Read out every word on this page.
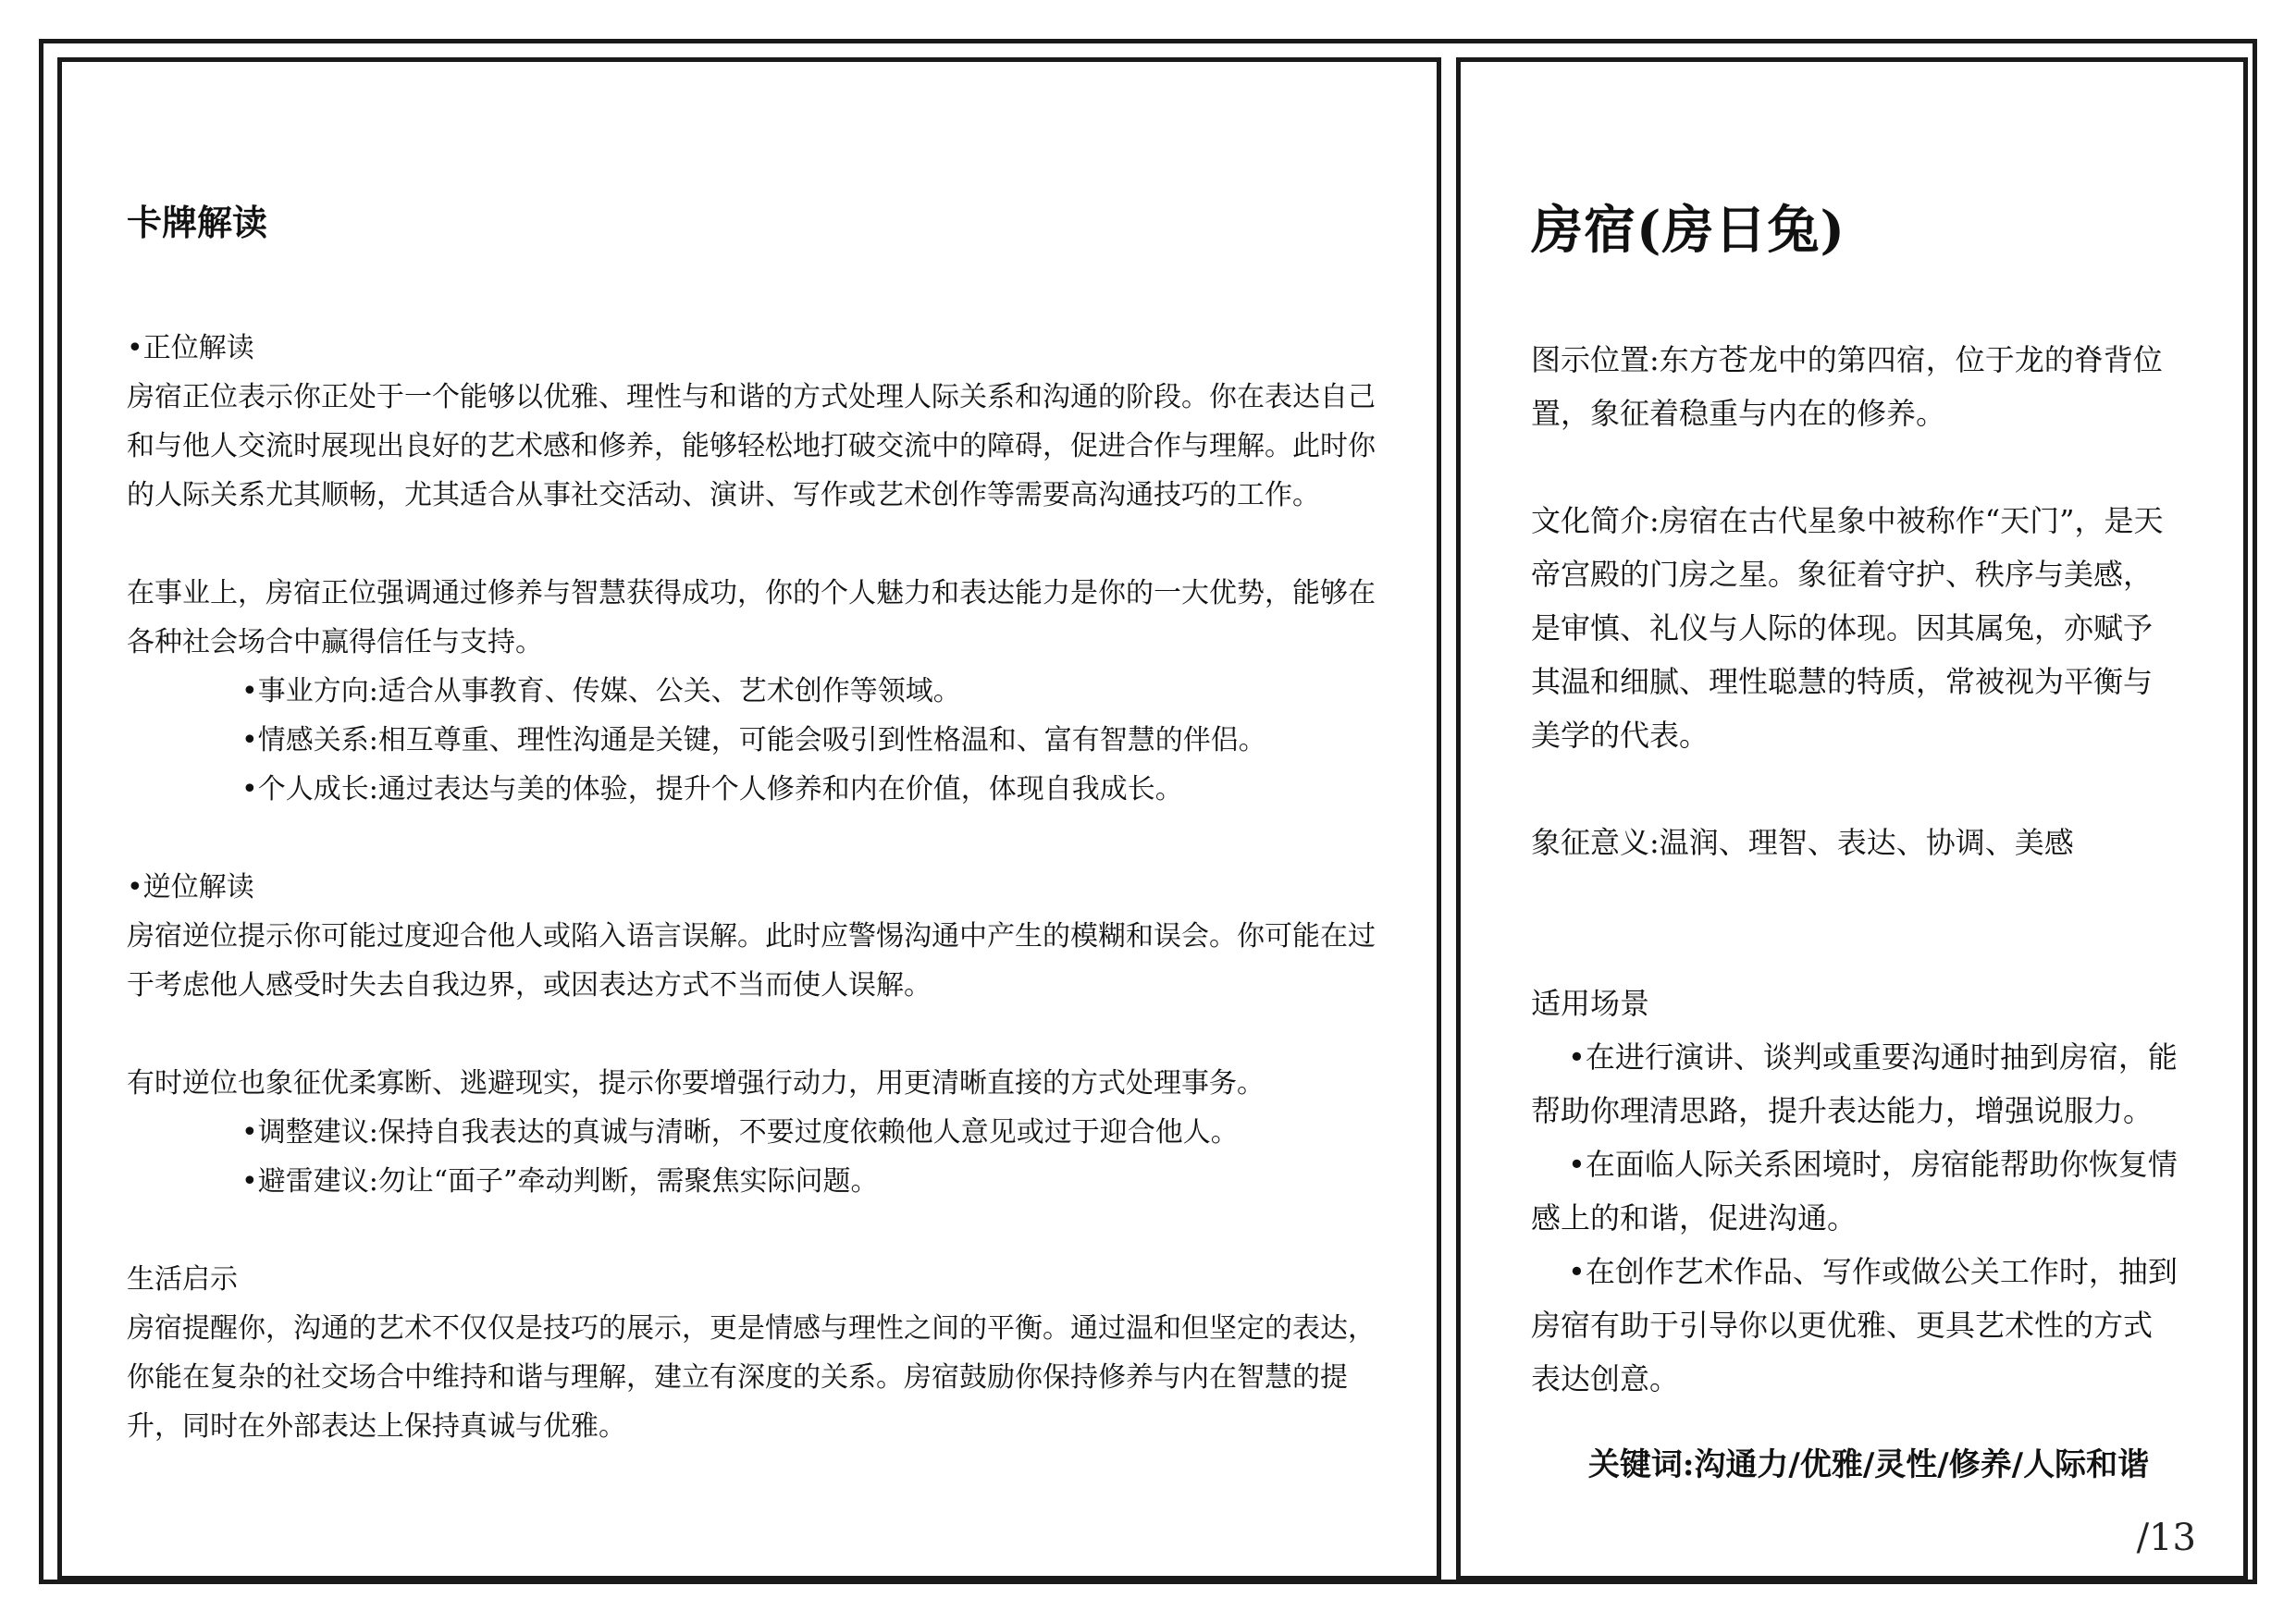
卡牌解读
•正位解读
房宿正位表示你正处于一个能够以优雅、理性与和谐的方式处理人际关系和沟通的阶段。你在表达自己和与他人交流时展现出良好的艺术感和修养，能够轻松地打破交流中的障碍，促进合作与理解。此时你的人际关系尤其顺畅，尤其适合从事社交活动、演讲、写作或艺术创作等需要高沟通技巧的工作。
在事业上，房宿正位强调通过修养与智慧获得成功，你的个人魅力和表达能力是你的一大优势，能够在各种社会场合中赢得信任与支持。
•事业方向:适合从事教育、传媒、公关、艺术创作等领域。
•情感关系:相互尊重、理性沟通是关键，可能会吸引到性格温和、富有智慧的伴侣。
•个人成长:通过表达与美的体验，提升个人修养和内在价值，体现自我成长。
•逆位解读
房宿逆位提示你可能过度迎合他人或陷入语言误解。此时应警惕沟通中产生的模糊和误会。你可能在过于考虑他人感受时失去自我边界，或因表达方式不当而使人误解。
有时逆位也象征优柔寡断、逃避现实，提示你要增强行动力，用更清晰直接的方式处理事务。
•调整建议:保持自我表达的真诚与清晰，不要过度依赖他人意见或过于迎合他人。
•避雷建议:勿让“面子”牵动判断，需聚焦实际问题。
生活启示
房宿提醒你，沟通的艺术不仅仅是技巧的展示，更是情感与理性之间的平衡。通过温和但坚定的表达，你能在复杂的社交场合中维持和谐与理解，建立有深度的关系。房宿鼓励你保持修养与内在智慧的提升，同时在外部表达上保持真诚与优雅。
房宿(房日兔)
图示位置:东方苍龙中的第四宿，位于龙的脊背位置，象征着稳重与内在的修养。
文化简介:房宿在古代星象中被称作“天门”，是天帝宫殿的门房之星。象征着守护、秩序与美感，是审慎、礼仪与人际的体现。因其属兔，亦赋予其温和细腻、理性聪慧的特质，常被视为平衡与美学的代表。
象征意义:温润、理智、表达、协调、美感
适用场景
•在进行演讲、谈判或重要沟通时抽到房宿，能帮助你理清思路，提升表达能力，增强说服力。
•在面临人际关系困境时，房宿能帮助你恢复情感上的和谐，促进沟通。
•在创作艺术作品、写作或做公关工作时，抽到房宿有助于引导你以更优雅、更具艺术性的方式表达创意。
关键词:沟通力/优雅/灵性/修养/人际和谐
/13
